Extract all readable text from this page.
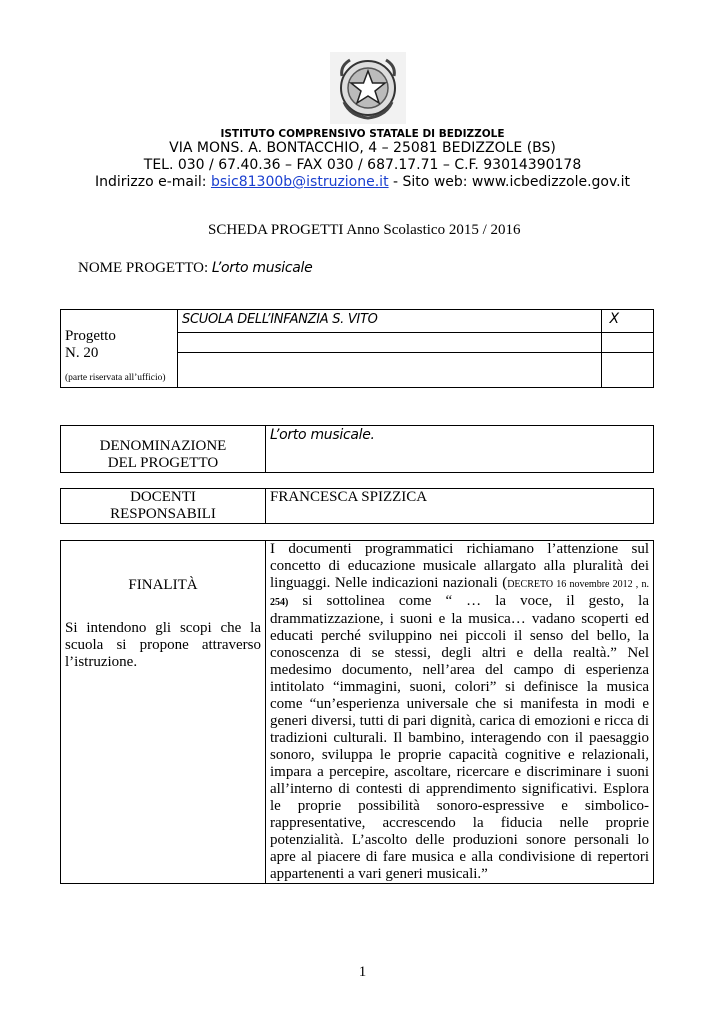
ISTITUTO COMPRENSIVO STATALE DI BEDIZZOLE
VIA MONS. A. BONTACCHIO, 4 – 25081 BEDIZZOLE (BS)
TEL. 030 / 67.40.36 – FAX 030 / 687.17.71 – C.F. 93014390178
Indirizzo e-mail: bsic81300b@istruzione.it - Sito web: www.icbedizzole.gov.it
SCHEDA PROGETTI Anno Scolastico 2015 / 2016
NOME PROGETTO: L’orto musicale
Progetto
N. 20
(parte riservata all’ufficio)	SCUOLA DELL’INFANZIA S. VITO	X

DENOMINAZIONE
DEL PROGETTO
	L’orto musicale.
DOCENTI
RESPONSABILI
	FRANCESCA SPIZZICA
FINALITÀ
Si intendono gli scopi che la scuola si propone attraverso l’istruzione.
	I documenti programmatici richiamano l’attenzione sul concetto di educazione musicale allargato alla pluralità dei linguaggi. Nelle indicazioni nazionali (DECRETO 16 novembre 2012 , n. 254) si sottolinea come “ … la voce, il gesto, la drammatizzazione, i suoni e la musica… vadano scoperti ed educati perché sviluppino nei piccoli il senso del bello, la conoscenza di se stessi, degli altri e della realtà.” Nel medesimo documento, nell’area del campo di esperienza intitolato “immagini, suoni, colori” si definisce la musica come “un’esperienza universale che si manifesta in modi e generi diversi, tutti di pari dignità, carica di emozioni e ricca di tradizioni culturali. Il bambino, interagendo con il paesaggio sonoro, sviluppa le proprie capacità cognitive e relazionali, impara a percepire, ascoltare, ricercare e discriminare i suoni all’interno di contesti di apprendimento significativi. Esplora le proprie possibilità sonoro-espressive e simbolico-rappresentative, accrescendo la fiducia nelle proprie potenzialità. L’ascolto delle produzioni sonore personali lo apre al piacere di fare musica e alla condivisione di repertori appartenenti a vari generi musicali.”
1
